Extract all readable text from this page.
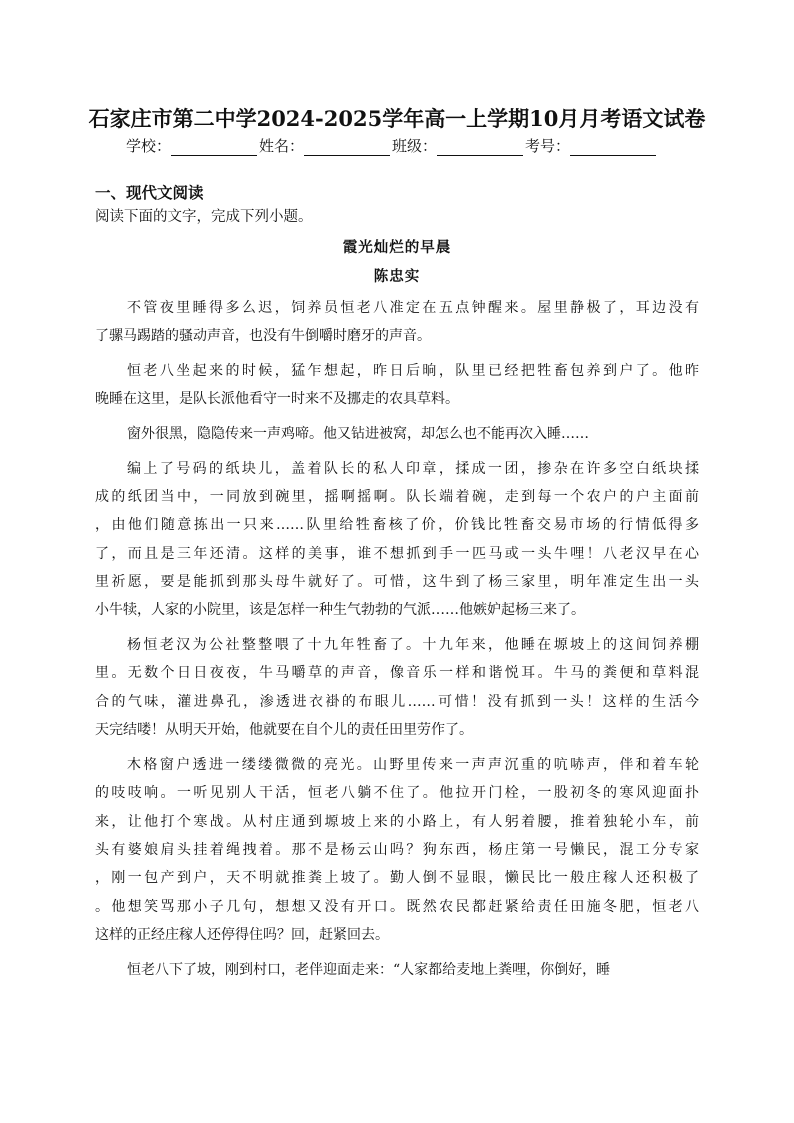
石家庄市第二中学2024-2025学年高一上学期10月月考语文试卷
学校：	姓名：	班级：	考号：
一、现代文阅读
阅读下面的文字，完成下列小题。
霞光灿烂的早晨
陈忠实
不管夜里睡得多么迟，饲养员恒老八准定在五点钟醒来。屋里静极了，耳边没有
了骡马踢踏的骚动声音，也没有牛倒嚼时磨牙的声音。
恒老八坐起来的时候，猛乍想起，昨日后晌，队里已经把牲畜包养到户了。他昨
晚睡在这里，是队长派他看守一时来不及挪走的农具草料。
窗外很黑，隐隐传来一声鸡啼。他又钻进被窝，却怎么也不能再次入睡……
编上了号码的纸块儿，盖着队长的私人印章，揉成一团，掺杂在许多空白纸块揉
成的纸团当中，一同放到碗里，摇啊摇啊。队长端着碗，走到每一个农户的户主面前
，由他们随意拣出一只来……队里给牲畜核了价，价钱比牲畜交易市场的行情低得多
了，而且是三年还清。这样的美事，谁不想抓到手一匹马或一头牛哩！八老汉早在心
里祈愿，要是能抓到那头母牛就好了。可惜，这牛到了杨三家里，明年准定生出一头
小牛犊，人家的小院里，该是怎样一种生气勃勃的气派……他嫉妒起杨三来了。
杨恒老汉为公社整整喂了十九年牲畜了。十九年来，他睡在塬坡上的这间饲养棚
里。无数个日日夜夜，牛马嚼草的声音，像音乐一样和谐悦耳。牛马的粪便和草料混
合的气味，灌进鼻孔，渗透进衣褂的布眼儿……可惜！没有抓到一头！这样的生活今
天完结喽！从明天开始，他就要在自个儿的责任田里劳作了。
木格窗户透进一缕缕微微的亮光。山野里传来一声声沉重的吭哧声，伴和着车轮
的吱吱响。一听见别人干活，恒老八躺不住了。他拉开门栓，一股初冬的寒风迎面扑
来，让他打个寒战。从村庄通到塬坡上来的小路上，有人躬着腰，推着独轮小车，前
头有婆娘肩头挂着绳拽着。那不是杨云山吗？狗东西，杨庄第一号懒民，混工分专家
，刚一包产到户，天不明就推粪上坡了。勤人倒不显眼，懒民比一般庄稼人还积极了
。他想笑骂那小子几句，想想又没有开口。既然农民都赶紧给责任田施冬肥，恒老八
这样的正经庄稼人还停得住吗？回，赶紧回去。
恒老八下了坡，刚到村口，老伴迎面走来：“人家都给麦地上粪哩，你倒好，睡
